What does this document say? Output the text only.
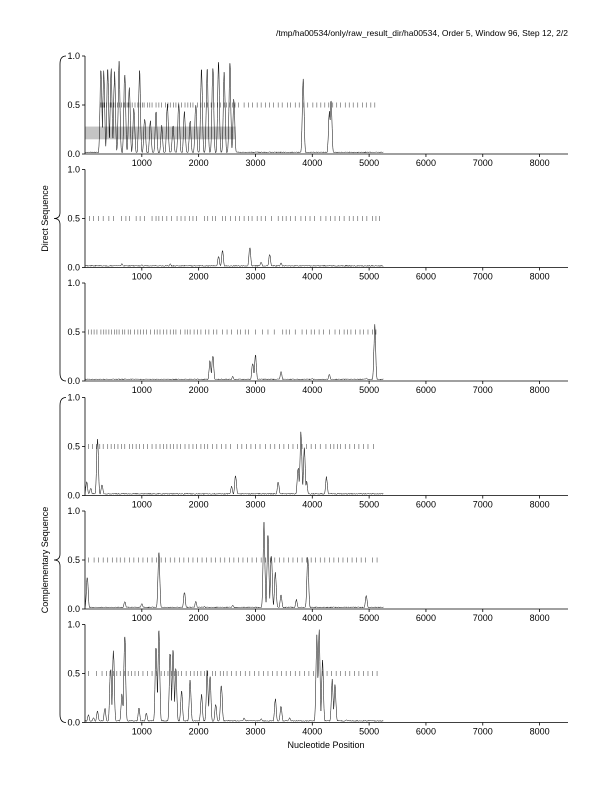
/tmp/ha00534/only/raw_result_dir/ha00534, Order 5, Window 96, Step 12, 2/2
0.0
0.5
1.0
1000	2000	3000	4000	5000	6000	7000	8000
0.0
0.5
1.0
1000	2000	3000	4000	5000	6000	7000	8000
0.0
0.5
1.0
1000	2000	3000	4000	5000	6000	7000	8000
0.0
0.5
1.0
1000	2000	3000	4000	5000	6000	7000	8000
0.0
0.5
1.0
1000	2000	3000	4000	5000	6000	7000	8000
0.0
0.5
1.0
1000	2000	3000	4000	5000	6000	7000	8000
Direct Sequence
Complementary Sequence
Nucleotide Position
